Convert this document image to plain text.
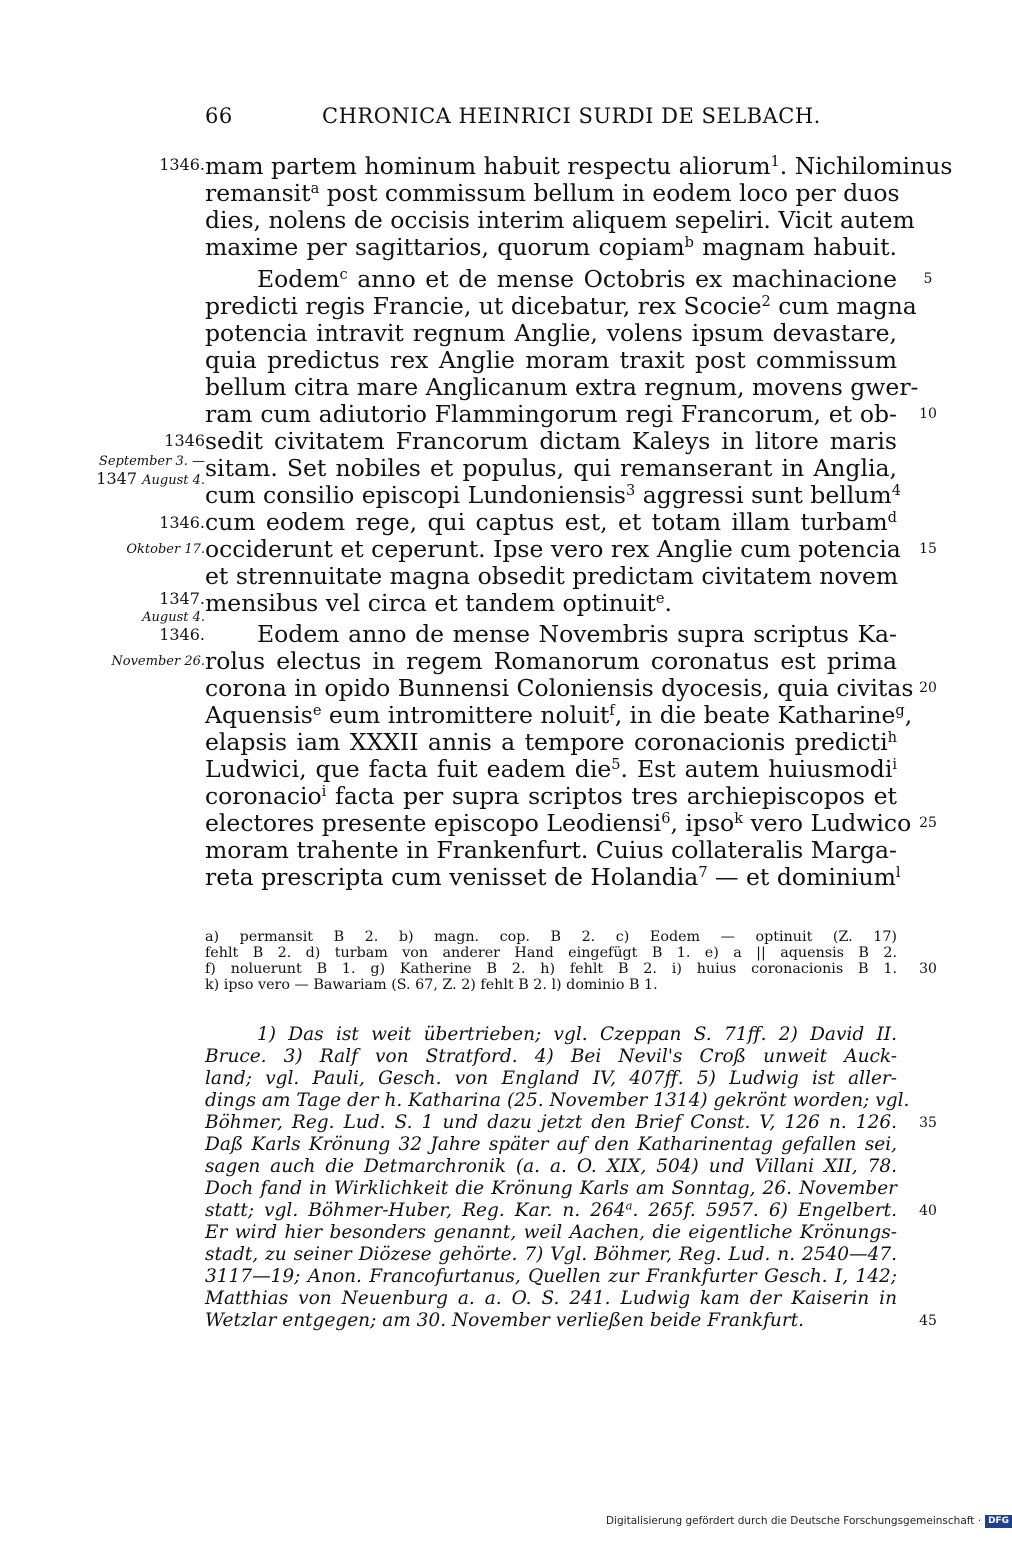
66	CHRONICA HEINRICI SURDI DE SELBACH.
1346.
1346
September 3. —
1347 August 4.
1346.
Oktober 17.
1347.
August 4.
1346.
November 26.
mam partem hominum habuit respectu aliorum$^1$. Nichilominus
remansit$^a$ post commissum bellum in eodem loco per duos
dies, nolens de occisis interim aliquem sepeliri. Vicit autem
maxime per sagittarios, quorum copiam$^b$ magnam habuit.
Eodem$^c$ anno et de mense Octobris ex machinacione
predicti regis Francie, ut dicebatur, rex Scocie$^2$ cum magna
potencia intravit regnum Anglie, volens ipsum devastare,
quia predictus rex Anglie moram traxit post commissum
bellum citra mare Anglicanum extra regnum, movens gwer-
ram cum adiutorio Flammingorum regi Francorum, et ob-
sedit civitatem Francorum dictam Kaleys in litore maris
sitam. Set nobiles et populus, qui remanserant in Anglia,
cum consilio episcopi Lundoniensis$^3$ aggressi sunt bellum$^4$
cum eodem rege, qui captus est, et totam illam turbam$^d$
occiderunt et ceperunt. Ipse vero rex Anglie cum potencia
et strennuitate magna obsedit predictam civitatem novem
mensibus vel circa et tandem optinuit$^e$.
Eodem anno de mense Novembris supra scriptus Ka-
rolus electus in regem Romanorum coronatus est prima
corona in opido Bunnensi Coloniensis dyocesis, quia civitas
Aquensis$^e$ eum intromittere noluit$^f$, in die beate Katharine$^g$,
elapsis iam XXXII annis a tempore coronacionis predicti$^h$
Ludwici, que facta fuit eadem die$^5$. Est autem huiusmodi$^i$
coronacio$^i$ facta per supra scriptos tres archiepiscopos et
electores presente episcopo Leodiensi$^6$, ipso$^k$ vero Ludwico
moram trahente in Frankenfurt. Cuius collateralis Marga-
reta prescripta cum venisset de Holandia$^7$ — et dominium$^l$
5
10
15
20
25
a) permansit B 2. b) magn. cop. B 2. c) Eodem — optinuit (Z. 17)
fehlt B 2. d) turbam von anderer Hand eingefügt B 1. e) a || aquensis B 2.
f) noluerunt B 1. g) Katherine B 2. h) fehlt B 2. i) huius coronacionis B 1.
k) ipso vero — Bawariam (S. 67, Z. 2) fehlt B 2. l) dominio B 1.
30
1) Das ist weit übertrieben; vgl. Czeppan S. 71ff. 2) David II.
Bruce. 3) Ralf von Stratford. 4) Bei Nevil's Croß unweit Auck-
land; vgl. Pauli, Gesch. von England IV, 407ff. 5) Ludwig ist aller-
dings am Tage der h. Katharina (25. November 1314) gekrönt worden; vgl.
Böhmer, Reg. Lud. S. 1 und dazu jetzt den Brief Const. V, 126 n. 126.
Daß Karls Krönung 32 Jahre später auf den Katharinentag gefallen sei,
sagen auch die Detmarchronik (a. a. O. XIX, 504) und Villani XII, 78.
Doch fand in Wirklichkeit die Krönung Karls am Sonntag, 26. November
statt; vgl. Böhmer-Huber, Reg. Kar. n. 264$^a$. 265f. 5957. 6) Engelbert.
Er wird hier besonders genannt, weil Aachen, die eigentliche Krönungs-
stadt, zu seiner Diözese gehörte. 7) Vgl. Böhmer, Reg. Lud. n. 2540—47.
3117—19; Anon. Francofurtanus, Quellen zur Frankfurter Gesch. I, 142;
Matthias von Neuenburg a. a. O. S. 241. Ludwig kam der Kaiserin in
Wetzlar entgegen; am 30. November verließen beide Frankfurt.
35
40
45
Digitalisierung gefördert durch die Deutsche Forschungsgemeinschaft · DFG
